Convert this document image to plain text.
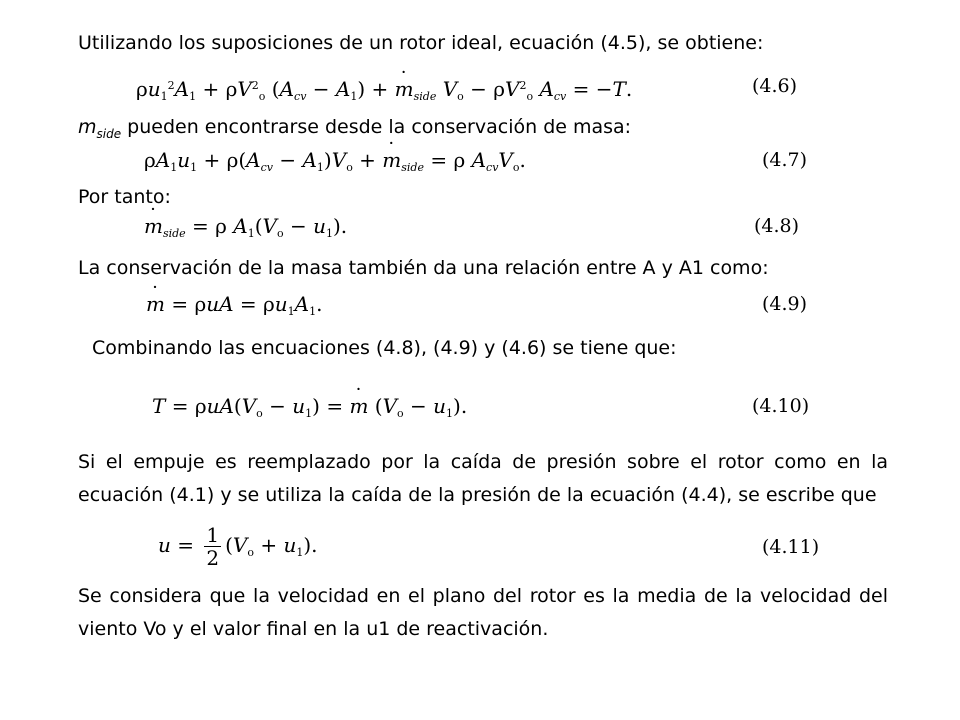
Utilizando los suposiciones de un rotor ideal, ecuación (4.5), se obtiene:
$\rho u_1^2A_1 + \rho V^2_o$ $(A_{cv} - A_1)$ + ˙ $m_{side}$ $V_o - \rho V^2_o$ $A_{cv} = -T$.	(4.6)
$m_{side}$ pueden encontrarse desde la conservación de masa:
$\rho A_1u_1 + \rho(A_{cv} - A_1)V_o$ + ˙ $m_{side} = \rho$ $A_{cv}V_o$.	(4.7)
Por tanto:
˙ $m_{side} = \rho$ $A_1(V_o - u_1)$.	(4.8)
La conservación de la masa también da una relación entre A y A1 como:
˙ $m = \rho uA = \rho u_1A_1$.	(4.9)
Combinando las encuaciones (4.8), (4.9) y (4.6) se tiene que:
$T = \rho uA(V_o - u_1)$ = ˙ m $(V_o - u_1)$.	(4.10)
Si el empuje es reemplazado por la caída de presión sobre el rotor como en la ecuación (4.1) y se utiliza la caída de la presión de la ecuación (4.4), se escribe que
$u = \frac{1}{2} (V_o + u_1)$.	(4.11)
Se considera que la velocidad en el plano del rotor es la media de la velocidad del viento Vo y el valor final en la u1 de reactivación.
